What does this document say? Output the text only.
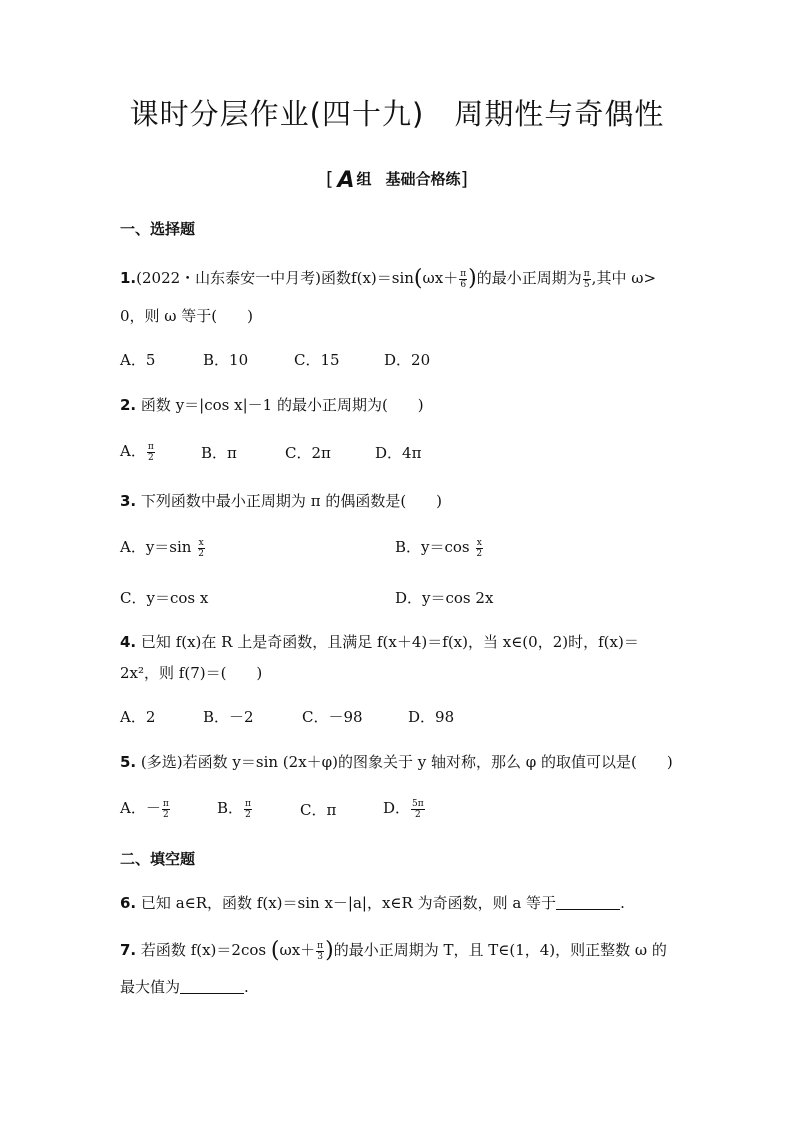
课时分层作业(四十九) 周期性与奇偶性
[ A 组 基础合格练]
一、选择题
1.(2022・山东泰安一中月考)函数$f(x)=\sin(\omega x+ \frac{\pi}{6}$ )的最小正周期为 $\frac{\pi}{5}$ ,其中 ω>
0，则 ω 等于(　　)
A．5	B．10	C．15	D．20
2. 函数 y＝|cos x|－1 的最小正周期为(　　)
A． $\frac{\pi}{2}$	B．π	C．2π	D．4π
3. 下列函数中最小正周期为 π 的偶函数是(　　)
A．$y=\sin \frac{x}{2}$	B．$y=\cos \frac{x}{2}$
C．y＝cos x	D．y＝cos 2x
4. 已知 f(x)在 R 上是奇函数，且满足 f(x＋4)＝f(x)，当 x∈(0，2)时，f(x)＝
2x²，则 f(7)＝(　　)
A．2	B．－2	C．－98	D．98
5. (多选)若函数 y＝sin (2x＋φ)的图象关于 y 轴对称，那么 φ 的取值可以是(　　)
A．－ $\frac{\pi}{2}$	B． $\frac{\pi}{2}$	C．π	D． $\frac{5\pi}{2}$
二、填空题
6. 已知 a∈R，函数 f(x)＝sin x－|a|，x∈R 为奇函数，则 a 等于	.
7. 若函数 f(x)＝2cos ($\omega x+ \frac{\pi}{3}$ )的最小正周期为 T，且 T∈(1，4)，则正整数 ω 的
最大值为	.
